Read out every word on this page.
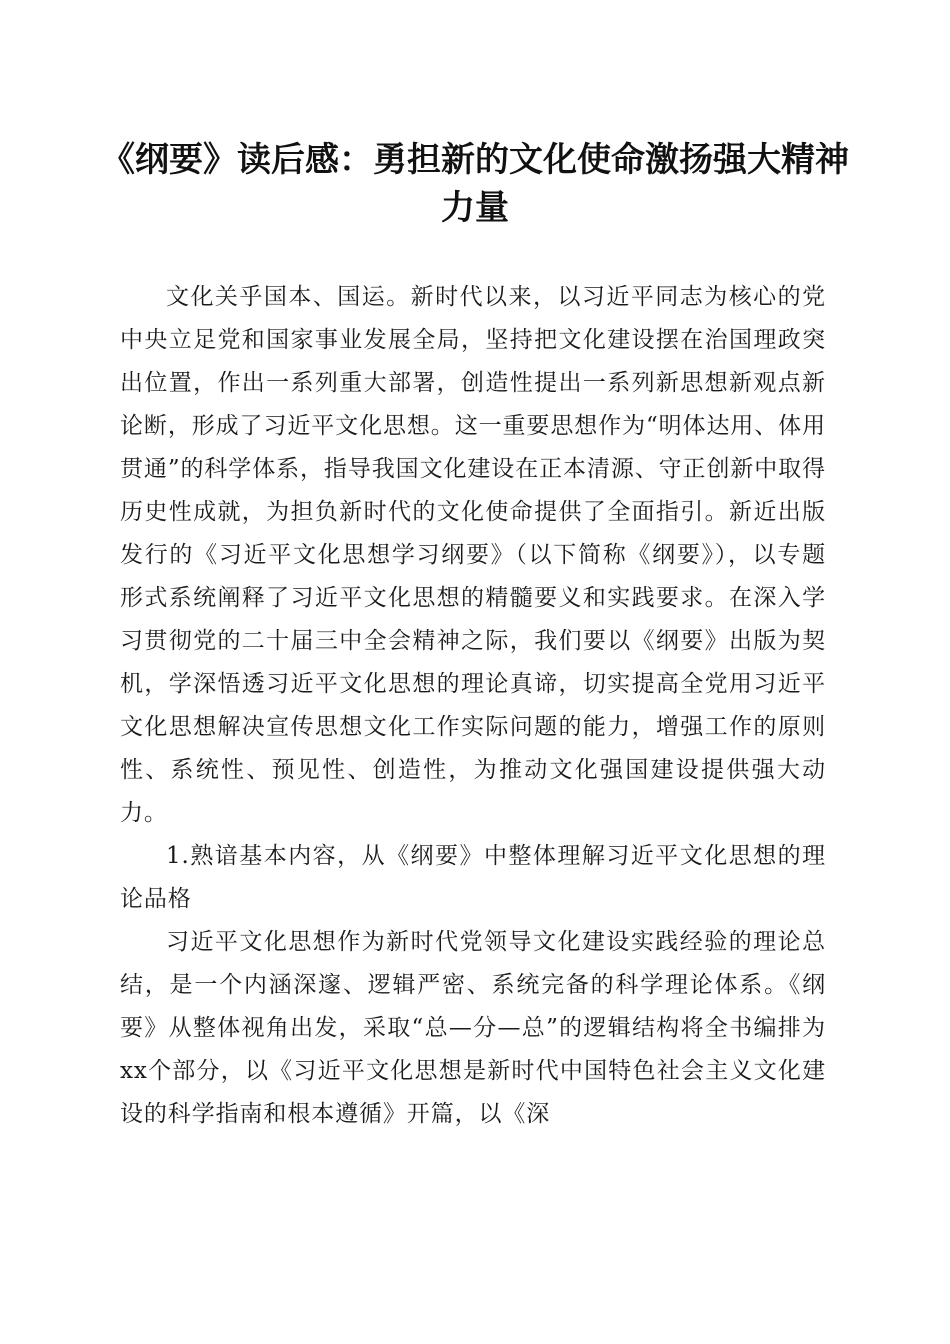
《纲要》读后感：勇担新的文化使命激扬强大精神力量

文化关乎国本、国运。新时代以来，以习近平同志为核心的党中央立足党和国家事业发展全局，坚持把文化建设摆在治国理政突出位置，作出一系列重大部署，创造性提出一系列新思想新观点新论断，形成了习近平文化思想。这一重要思想作为“明体达用、体用贯通”的科学体系，指导我国文化建设在正本清源、守正创新中取得历史性成就，为担负新时代的文化使命提供了全面指引。新近出版发行的《习近平文化思想学习纲要》（以下简称《纲要》），以专题形式系统阐释了习近平文化思想的精髓要义和实践要求。在深入学习贯彻党的二十届三中全会精神之际，我们要以《纲要》出版为契机，学深悟透习近平文化思想的理论真谛，切实提高全党用习近平文化思想解决宣传思想文化工作实际问题的能力，增强工作的原则性、系统性、预见性、创造性，为推动文化强国建设提供强大动力。

1.熟谙基本内容，从《纲要》中整体理解习近平文化思想的理论品格

习近平文化思想作为新时代党领导文化建设实践经验的理论总结，是一个内涵深邃、逻辑严密、系统完备的科学理论体系。《纲要》从整体视角出发，采取“总—分—总”的逻辑结构将全书编排为xx个部分，以《习近平文化思想是新时代中国特色社会主义文化建设的科学指南和根本遵循》开篇，以《深
